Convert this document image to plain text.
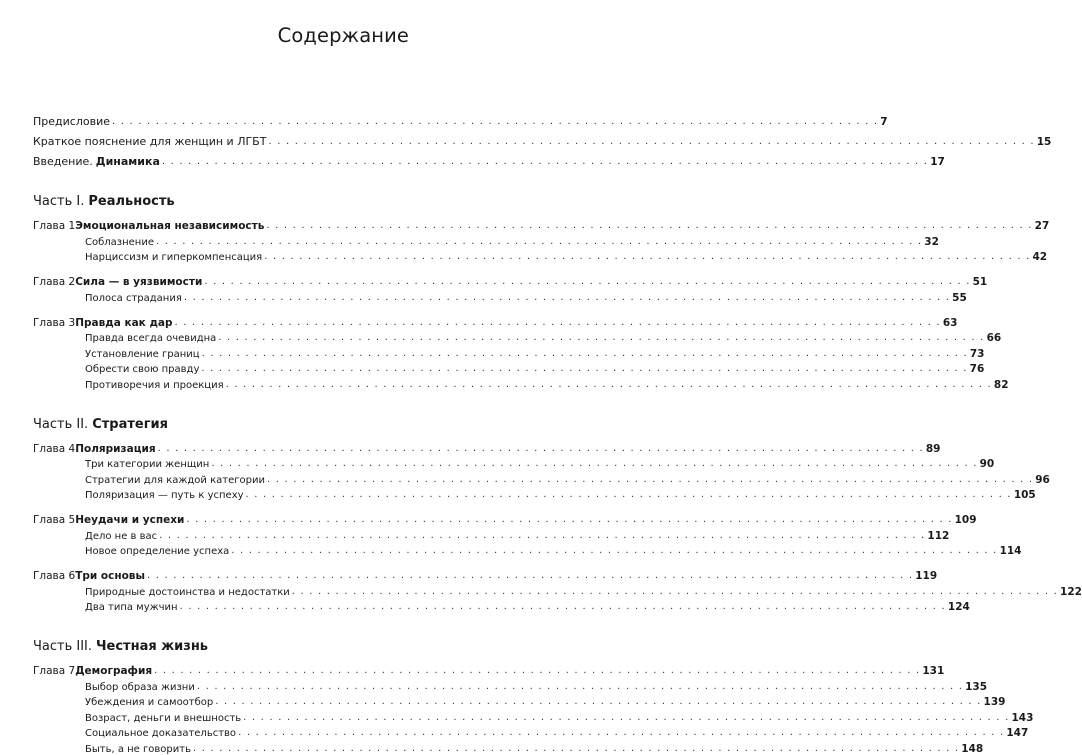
Содержание
Предисловие . . .	7
Краткое пояснение для женщин и ЛГБТ . . .	15
Введение. Динамика . . .	17
Часть I. Реальность
Глава 1 Эмоциональная независимость . . .	27
Соблазнение . . .	32
Нарциссизм и гиперкомпенсация . . .	42
Глава 2 Сила — в уязвимости . . .	51
Полоса страдания . . .	55
Глава 3 Правда как дар . . .	63
Правда всегда очевидна . . .	66
Установление границ . . .	73
Обрести свою правду . . .	76
Противоречия и проекция . . .	82
Часть II. Стратегия
Глава 4 Поляризация . . .	89
Три категории женщин . . .	90
Стратегии для каждой категории . . .	96
Поляризация — путь к успеху . . .	105
Глава 5 Неудачи и успехи . . .	109
Дело не в вас . . .	112
Новое определение успеха . . .	114
Глава 6 Три основы . . .	119
Природные достоинства и недостатки . . .	122
Два типа мужчин . . .	124
Часть III. Честная жизнь
Глава 7 Демография . . .	131
Выбор образа жизни . . .	135
Убеждения и самоотбор . . .	139
Возраст, деньги и внешность . . .	143
Социальное доказательство . . .	147
Быть, а не говорить . . .	148
